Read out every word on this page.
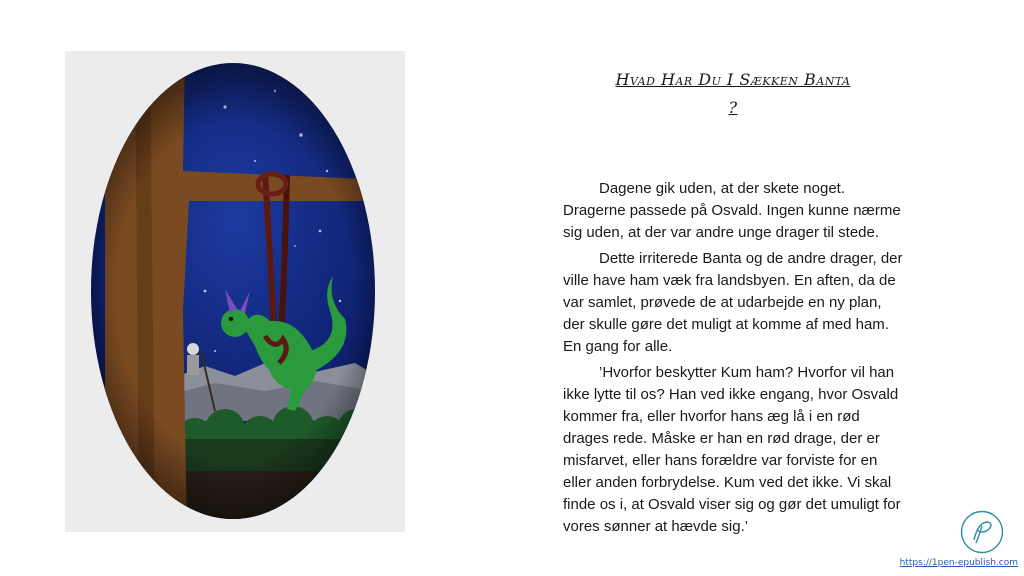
Hvad Har Du I Sækken Banta
?

Dagene gik uden, at der skete noget. Dragerne passede på Osvald. Ingen kunne nærme sig uden, at der var andre unge drager til stede.

Dette irriterede Banta og de andre drager, der ville have ham væk fra landsbyen. En aften, da de var samlet, prøvede de at udarbejde en ny plan, der skulle gøre det muligt at komme af med ham. En gang for alle.

’Hvorfor beskytter Kum ham? Hvorfor vil han ikke lytte til os? Han ved ikke engang, hvor Osvald kommer fra, eller hvorfor hans æg lå i en rød drages rede. Måske er han en rød drage, der er misfarvet, eller hans forældre var forviste for en eller anden forbrydelse. Kum ved det ikke. Vi skal finde os i, at Osvald viser sig og gør det umuligt for vores sønner at hævde sig.’

https://1pen-epublish.com
